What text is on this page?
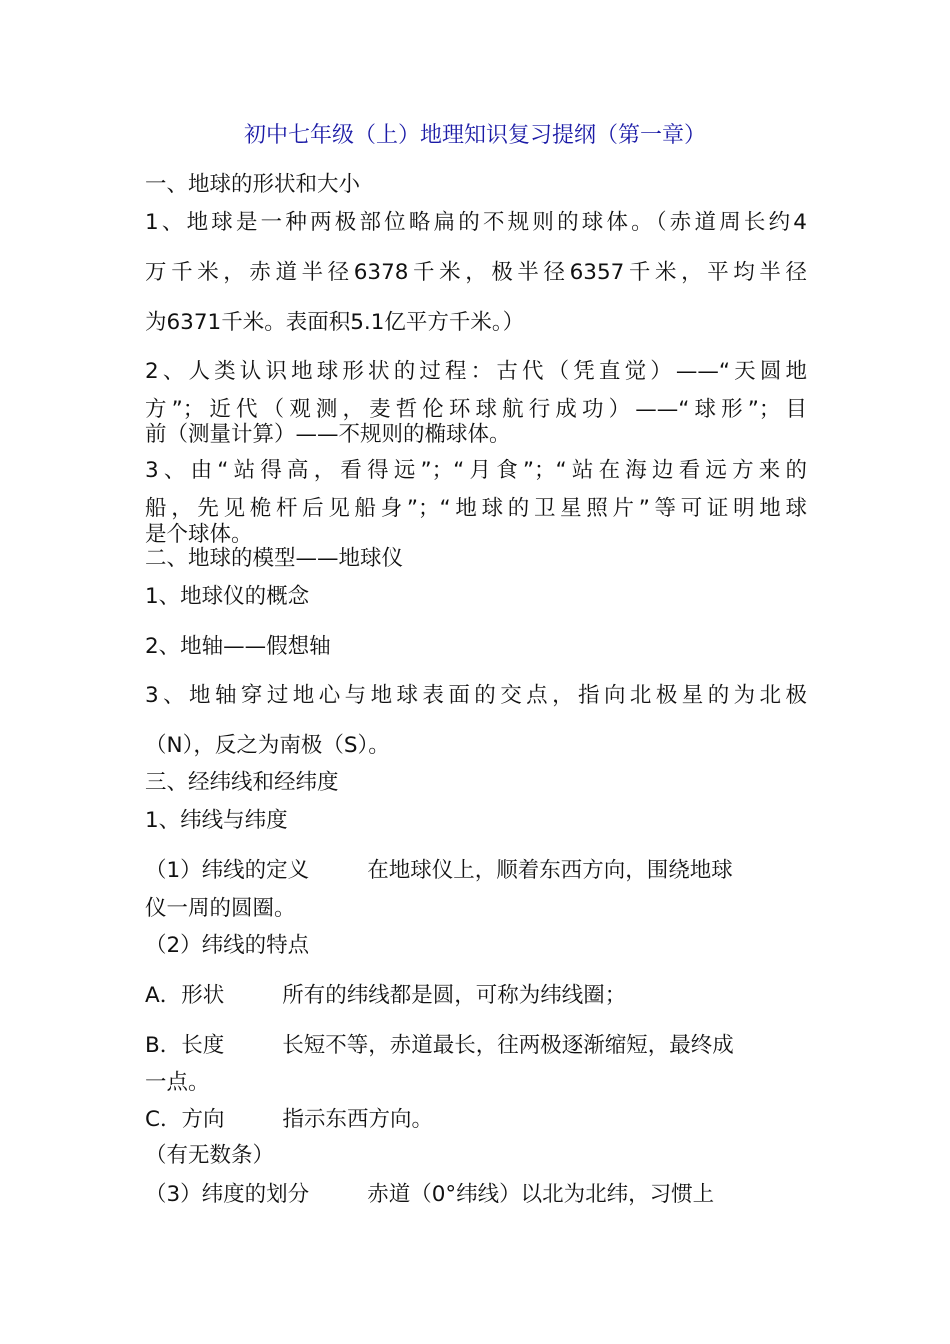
初中七年级（上）地理知识复习提纲（第一章）
一、地球的形状和大小
1、地球是一种两极部位略扁的不规则的球体。（赤道周长约4
万千米，赤道半径6378千米，极半径6357千米，平均半径
为6371千米。表面积5.1亿平方千米。）
2、人类认识地球形状的过程：古代（凭直觉）——“天圆地
方”；近代（观测，麦哲伦环球航行成功）——“球形”；目
前（测量计算）——不规则的椭球体。
3、由“站得高，看得远”；“月食”；“站在海边看远方来的
船，先见桅杆后见船身”；“地球的卫星照片”等可证明地球
是个球体。
二、地球的模型——地球仪
1、地球仪的概念
2、地轴——假想轴
3、地轴穿过地心与地球表面的交点，指向北极星的为北极
（N），反之为南极（S）。
三、经纬线和经纬度
1、纬线与纬度
（1）纬线的定义	在地球仪上，顺着东西方向，围绕地球
仪一周的圆圈。
（2）纬线的特点
A．形状	所有的纬线都是圆，可称为纬线圈；
B．长度	长短不等，赤道最长，往两极逐渐缩短，最终成
一点。
C．方向	指示东西方向。
（有无数条）
（3）纬度的划分	赤道（0°纬线）以北为北纬，习惯上
